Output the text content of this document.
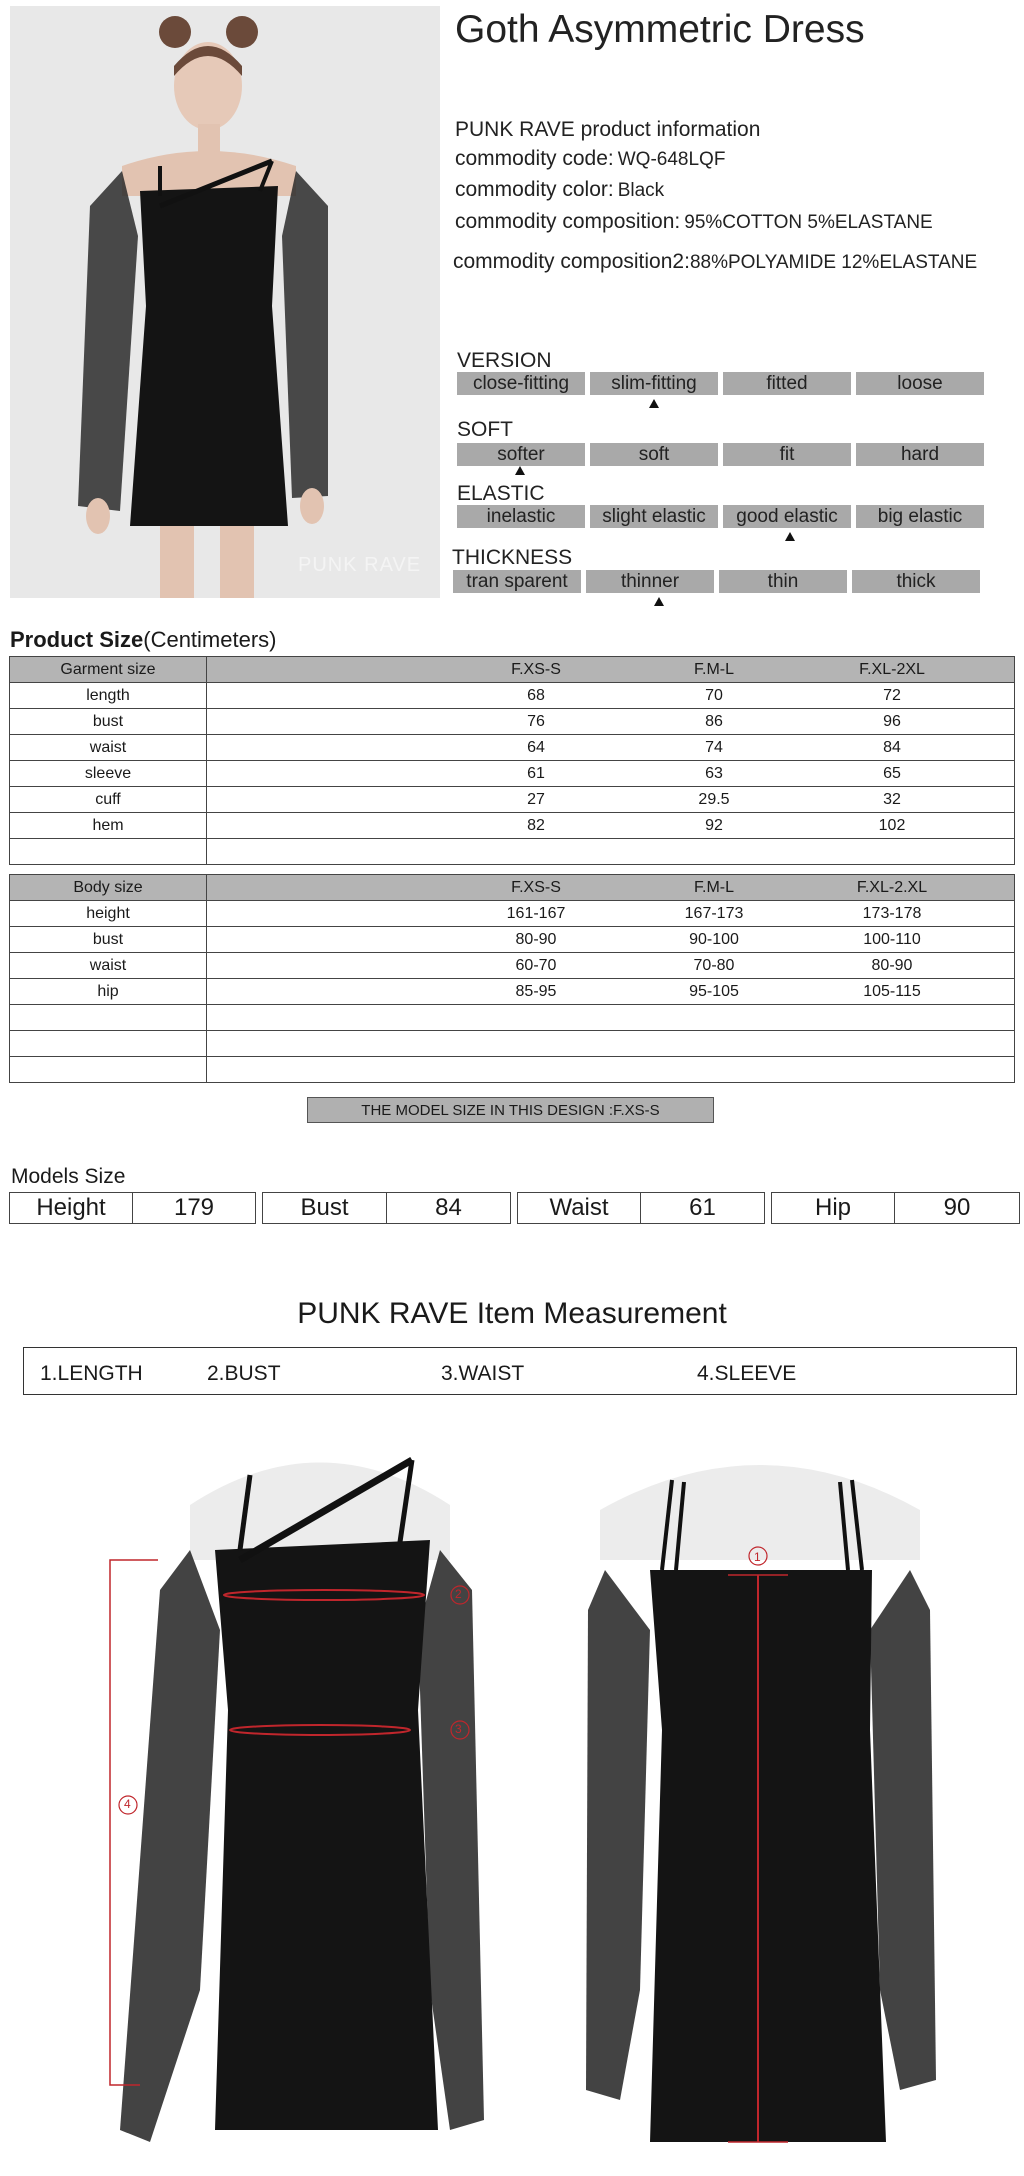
PUNK RAVE
Goth Asymmetric Dress
PUNK RAVE product information
commodity code: WQ-648LQF
commodity color: Black
commodity composition: 95%COTTON 5%ELASTANE
commodity composition2:88%POLYAMIDE 12%ELASTANE
VERSION
close-fitting	slim-fitting	fitted	loose
SOFT
softer	soft	fit	hard
ELASTIC
inelastic	slight elastic	good elastic	big elastic
THICKNESS
tran sparent	thinner	thin	thick
Product Size(Centimeters)
Garment size	F.XS-S F.M-L F.XL-2XL

length	68 70 72

bust	76 86 96

waist	64 74 84

sleeve	61 63 65

cuff	27 29.5 32

hem	82 92 102

Body size	F.XS-S F.M-L F.XL-2.XL

height	161-167 167-173 173-178

bust	80-90 90-100 100-110

waist	60-70 70-80 80-90

hip	85-95 95-105 105-115

THE MODEL SIZE IN THIS DESIGN :F.XS-S
Models Size
Height	179	Bust	84	Waist	61	Hip	90
PUNK RAVE Item Measurement
1.LENGTH	2.BUST	3.WAIST	4.SLEEVE
2
3
4
1
